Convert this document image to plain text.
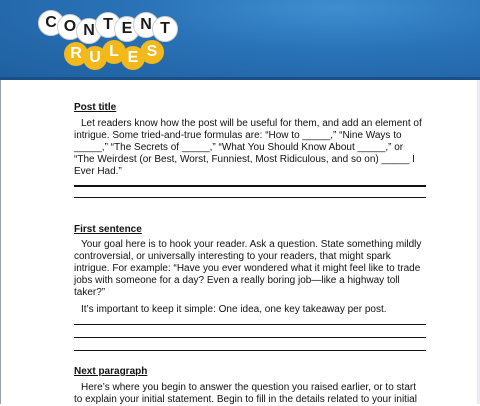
C O N T E N T
R U L E S
Post title
Let readers know how the post will be useful for them, and add an element of intrigue. Some tried-and-true formulas are: “How to _____,” “Nine Ways to _____,” “The Secrets of _____,” “What You Should Know About _____,” or “The Weirdest (or Best, Worst, Funniest, Most Ridiculous, and so on) _____ I Ever Had.”
First sentence
Your goal here is to hook your reader. Ask a question. State something mildly controversial, or universally interesting to your readers, that might spark intrigue. For example: “Have you ever wondered what it might feel like to trade jobs with someone for a day? Even a really boring job—like a highway toll taker?”
It’s important to keep it simple: One idea, one key takeaway per post.
Next paragraph
Here’s where you begin to answer the question you raised earlier, or to start to explain your initial statement. Begin to fill in the details related to your initial
